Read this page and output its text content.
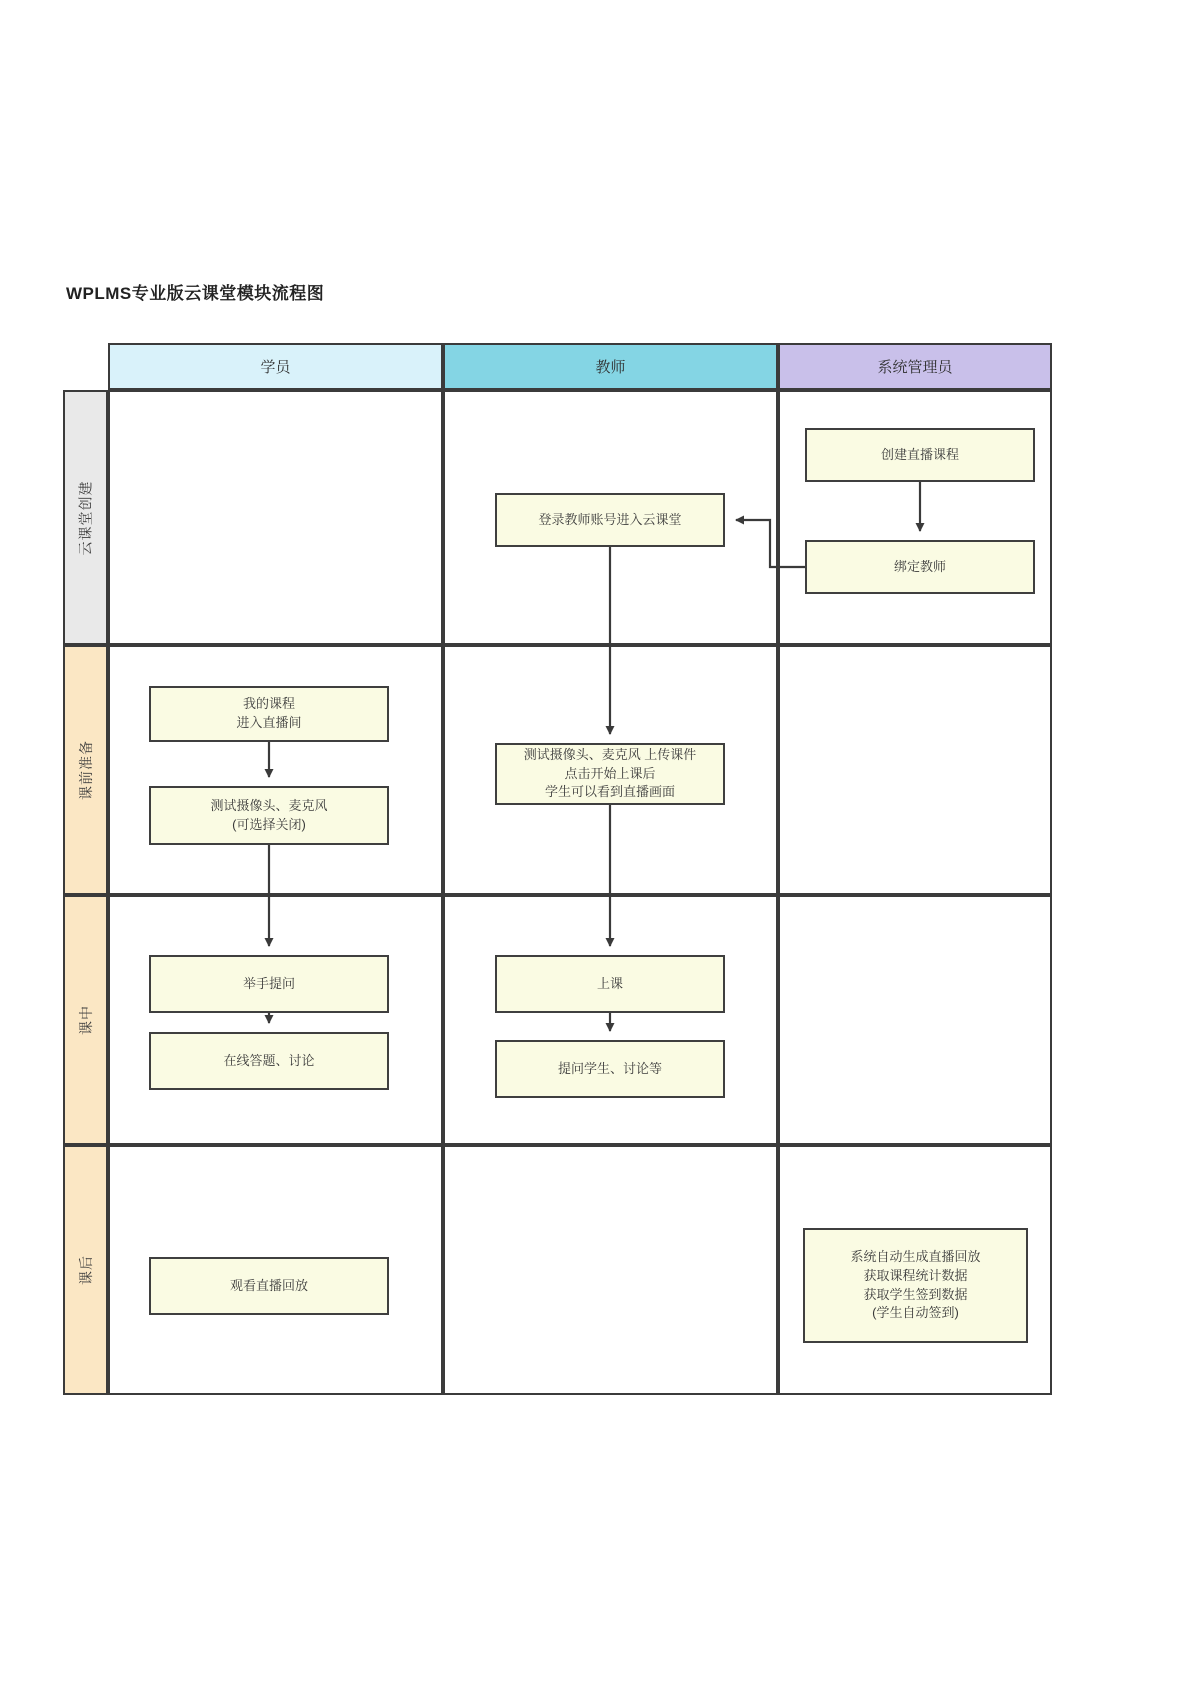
WPLMS专业版云课堂模块流程图
学员	教师	系统管理员
云课堂创建
课前准备
课中
课后
创建直播课程
绑定教师
登录教师账号进入云课堂
测试摄像头、麦克风 上传课件
点击开始上课后
学生可以看到直播画面
上课
提问学生、讨论等
我的课程
进入直播间
测试摄像头、麦克风
(可选择关闭)
举手提问
在线答题、讨论
观看直播回放
系统自动生成直播回放
获取课程统计数据
获取学生签到数据
(学生自动签到)
